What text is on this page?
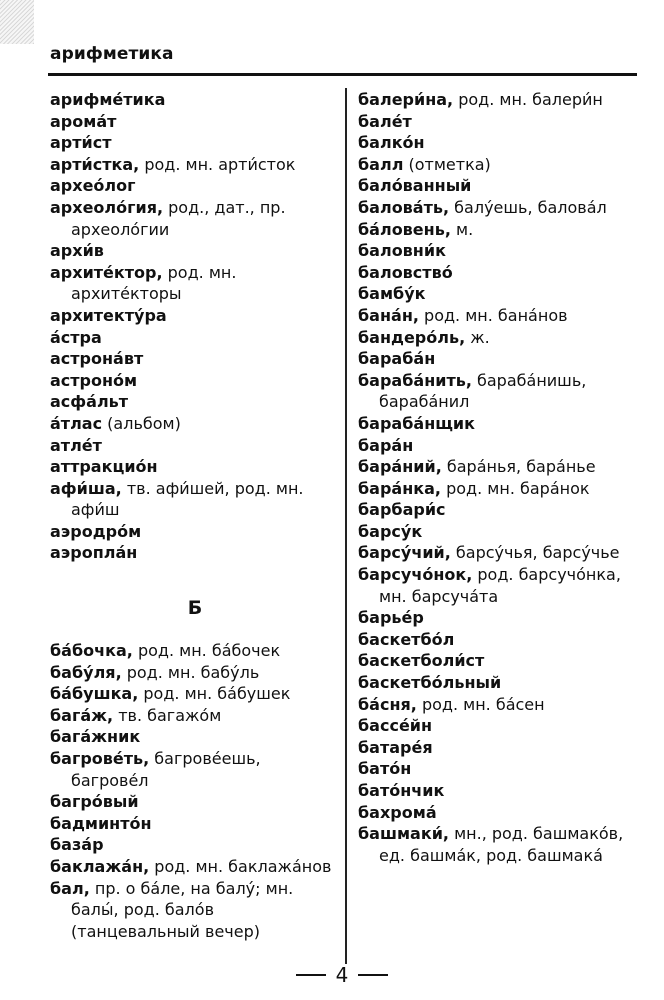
арифметика
арифме́тика
арома́т
арти́ст
арти́стка, род. мн. арти́сток
архео́лог
археоло́гия, род., дат., пр. археоло́гии
архи́в
архите́ктор, род. мн. архите́кторы
архитекту́ра
а́стра
астрона́вт
астроно́м
асфа́льт
а́тлас (альбом)
атле́т
аттракцио́н
афи́ша, тв. афи́шей, род. мн. афи́ш
аэродро́м
аэропла́н
Б
ба́бочка, род. мн. ба́бочек
бабу́ля, род. мн. бабу́ль
ба́бушка, род. мн. ба́бушек
бага́ж, тв. багажо́м
бага́жник
багрове́ть, багрове́ешь, багрове́л
багро́вый
бадминто́н
база́р
баклажа́н, род. мн. баклажа́нов
бал, пр. о ба́ле, на балу́; мн. балы́, род. бало́в (танцевальный вечер)
балери́на, род. мн. балери́н
бале́т
балко́н
балл (отметка)
бало́ванный
балова́ть, балу́ешь, балова́л
ба́ловень, м.
баловни́к
баловство́
бамбу́к
бана́н, род. мн. бана́нов
бандеро́ль, ж.
бараба́н
бараба́нить, бараба́нишь, бараба́нил
бараба́нщик
бара́н
бара́ний, бара́нья, бара́нье
бара́нка, род. мн. бара́нок
барбари́с
барсу́к
барсу́чий, барсу́чья, барсу́чье
барсучо́нок, род. барсучо́нка, мн. барсуча́та
барье́р
баскетбо́л
баскетболи́ст
баскетбо́льный
ба́сня, род. мн. ба́сен
бассе́йн
батаре́я
бато́н
бато́нчик
бахрома́
башмаки́, мн., род. башмако́в, ед. башма́к, род. башмака́
4
